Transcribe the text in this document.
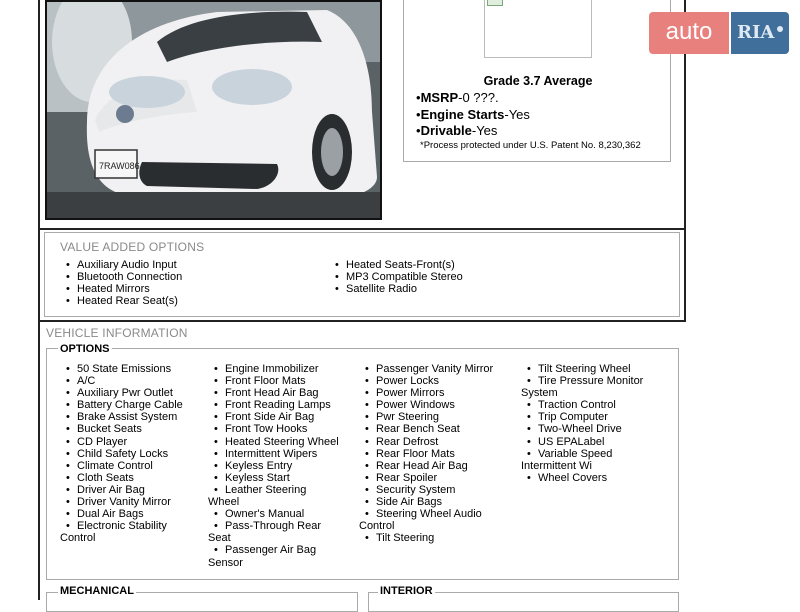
7RAW086
Grade 3.7 Average
•MSRP-0 ???.
•Engine Starts-Yes
•Drivable-Yes
*Process protected under U.S. Patent No. 8,230,362
auto	RIA
VALUE ADDED OPTIONS
• Auxiliary Audio Input
• Bluetooth Connection
• Heated Mirrors
• Heated Rear Seat(s)
• Heated Seats-Front(s)
• MP3 Compatible Stereo
• Satellite Radio
VEHICLE INFORMATION
OPTIONS
• 50 State Emissions
• A/C
• Auxiliary Pwr Outlet
• Battery Charge Cable
• Brake Assist System
• Bucket Seats
• CD Player
• Child Safety Locks
• Climate Control
• Cloth Seats
• Driver Air Bag
• Driver Vanity Mirror
• Dual Air Bags
• Electronic Stability
Control
• Engine Immobilizer
• Front Floor Mats
• Front Head Air Bag
• Front Reading Lamps
• Front Side Air Bag
• Front Tow Hooks
• Heated Steering Wheel
• Intermittent Wipers
• Keyless Entry
• Keyless Start
• Leather Steering
Wheel
• Owner's Manual
• Pass-Through Rear
Seat
• Passenger Air Bag
Sensor
• Passenger Vanity Mirror
• Power Locks
• Power Mirrors
• Power Windows
• Pwr Steering
• Rear Bench Seat
• Rear Defrost
• Rear Floor Mats
• Rear Head Air Bag
• Rear Spoiler
• Security System
• Side Air Bags
• Steering Wheel Audio
Control
• Tilt Steering
• Tilt Steering Wheel
• Tire Pressure Monitor
System
• Traction Control
• Trip Computer
• Two-Wheel Drive
• US EPALabel
• Variable Speed
Intermittent Wi
• Wheel Covers
MECHANICAL	INTERIOR
